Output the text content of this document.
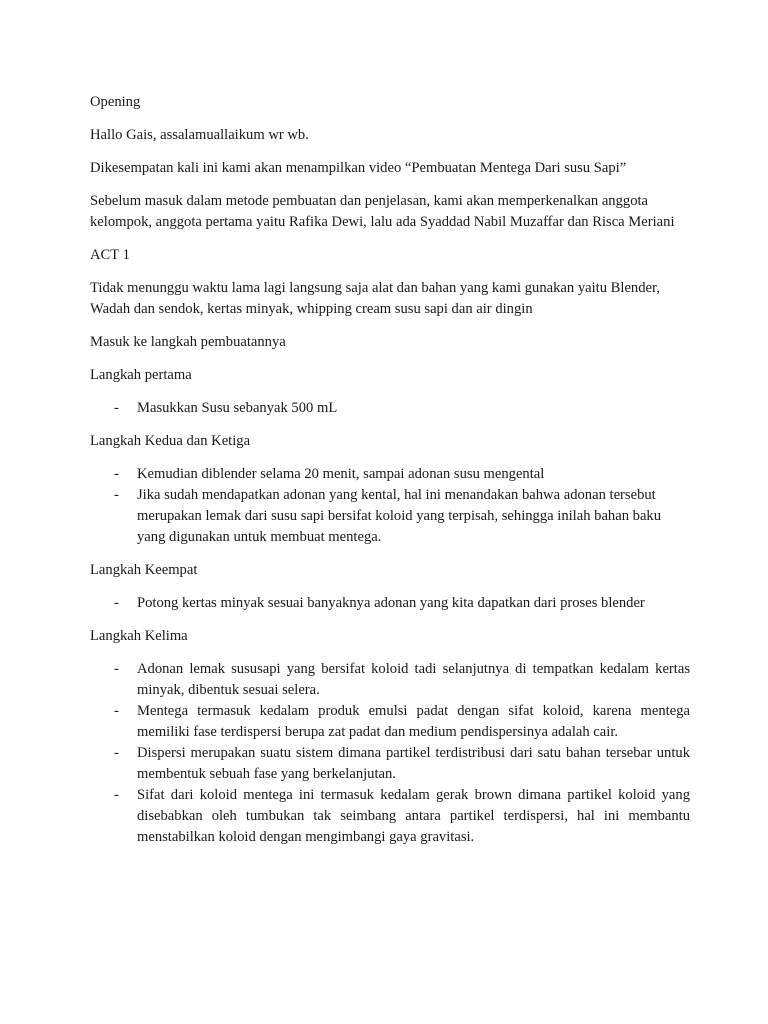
Opening

Hallo Gais, assalamuallaikum wr wb.

Dikesempatan kali ini kami akan menampilkan video “Pembuatan Mentega Dari susu Sapi”

Sebelum masuk dalam metode pembuatan dan penjelasan, kami akan memperkenalkan anggota kelompok, anggota pertama yaitu Rafika Dewi, lalu ada Syaddad Nabil Muzaffar dan Risca Meriani

ACT 1

Tidak menunggu waktu lama lagi langsung saja alat dan bahan yang kami gunakan yaitu Blender, Wadah dan sendok, kertas minyak, whipping cream susu sapi dan air dingin

Masuk ke langkah pembuatannya

Langkah pertama

- Masukkan Susu sebanyak 500 mL

Langkah Kedua dan Ketiga

- Kemudian diblender selama 20 menit, sampai adonan susu mengental
- Jika sudah mendapatkan adonan yang kental, hal ini menandakan bahwa adonan tersebut merupakan lemak dari susu sapi bersifat koloid yang terpisah, sehingga inilah bahan baku yang digunakan untuk membuat mentega.

Langkah Keempat

- Potong kertas minyak sesuai banyaknya adonan yang kita dapatkan dari proses blender

Langkah Kelima

- Adonan lemak sususapi yang bersifat koloid tadi selanjutnya di tempatkan kedalam kertas minyak, dibentuk sesuai selera.
- Mentega termasuk kedalam produk emulsi padat dengan sifat koloid, karena mentega memiliki fase terdispersi berupa zat padat dan medium pendispersinya adalah cair.
- Dispersi merupakan suatu sistem dimana partikel terdistribusi dari satu bahan tersebar untuk membentuk sebuah fase yang berkelanjutan.
- Sifat dari koloid mentega ini termasuk kedalam gerak brown dimana partikel koloid yang disebabkan oleh tumbukan tak seimbang antara partikel terdispersi, hal ini membantu menstabilkan koloid dengan mengimbangi gaya gravitasi.
